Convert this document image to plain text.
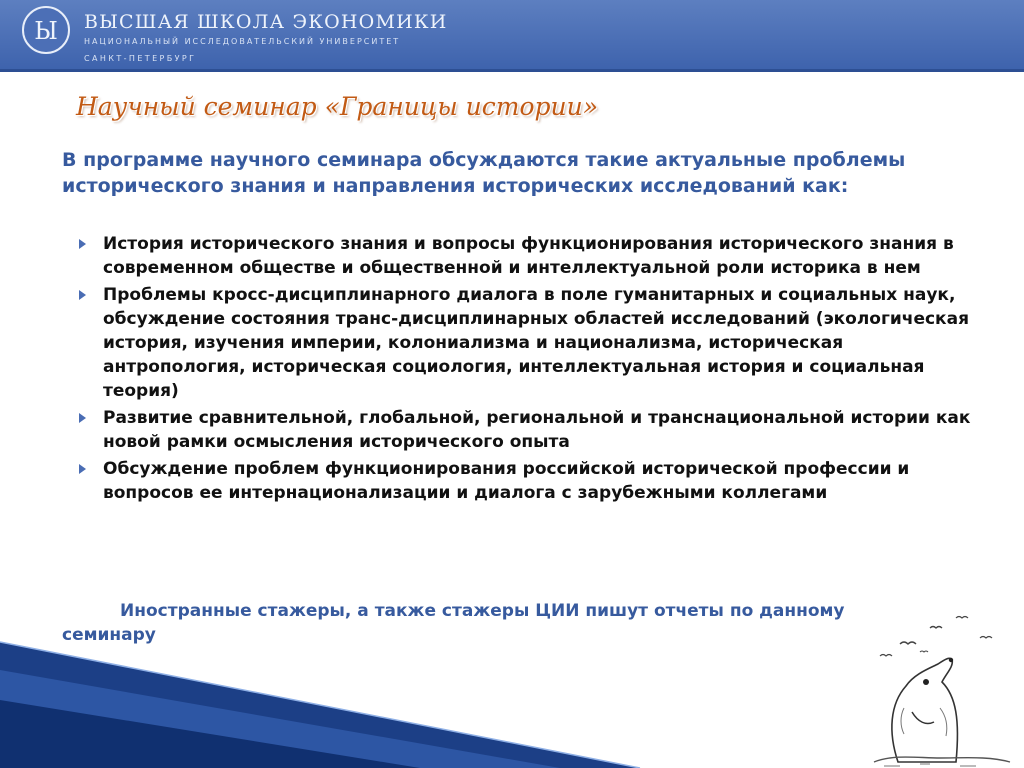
Ы ВЫСШАЯ ШКОЛА ЭКОНОМИКИ
НАЦИОНАЛЬНЫЙ ИССЛЕДОВАТЕЛЬСКИЙ УНИВЕРСИТЕТ
САНКТ-ПЕТЕРБУРГ
Научный семинар «Границы истории»
В программе научного семинара обсуждаются такие актуальные проблемы исторического знания и направления исторических исследований как:
История исторического знания и вопросы функционирования исторического знания в современном обществе и общественной и интеллектуальной роли историка в нем
Проблемы кросс-дисциплинарного диалога в поле гуманитарных и социальных наук, обсуждение состояния транс-дисциплинарных областей исследований (экологическая история, изучения империи, колониализма и национализма, историческая антропология, историческая социология, интеллектуальная история и социальная теория)
Развитие сравнительной, глобальной, региональной и транснациональной истории как новой рамки осмысления исторического опыта
Обсуждение проблем функционирования российской исторической профессии и вопросов ее интернационализации и диалога с зарубежными коллегами
Иностранные стажеры, а также стажеры ЦИИ пишут отчеты по данному семинару
